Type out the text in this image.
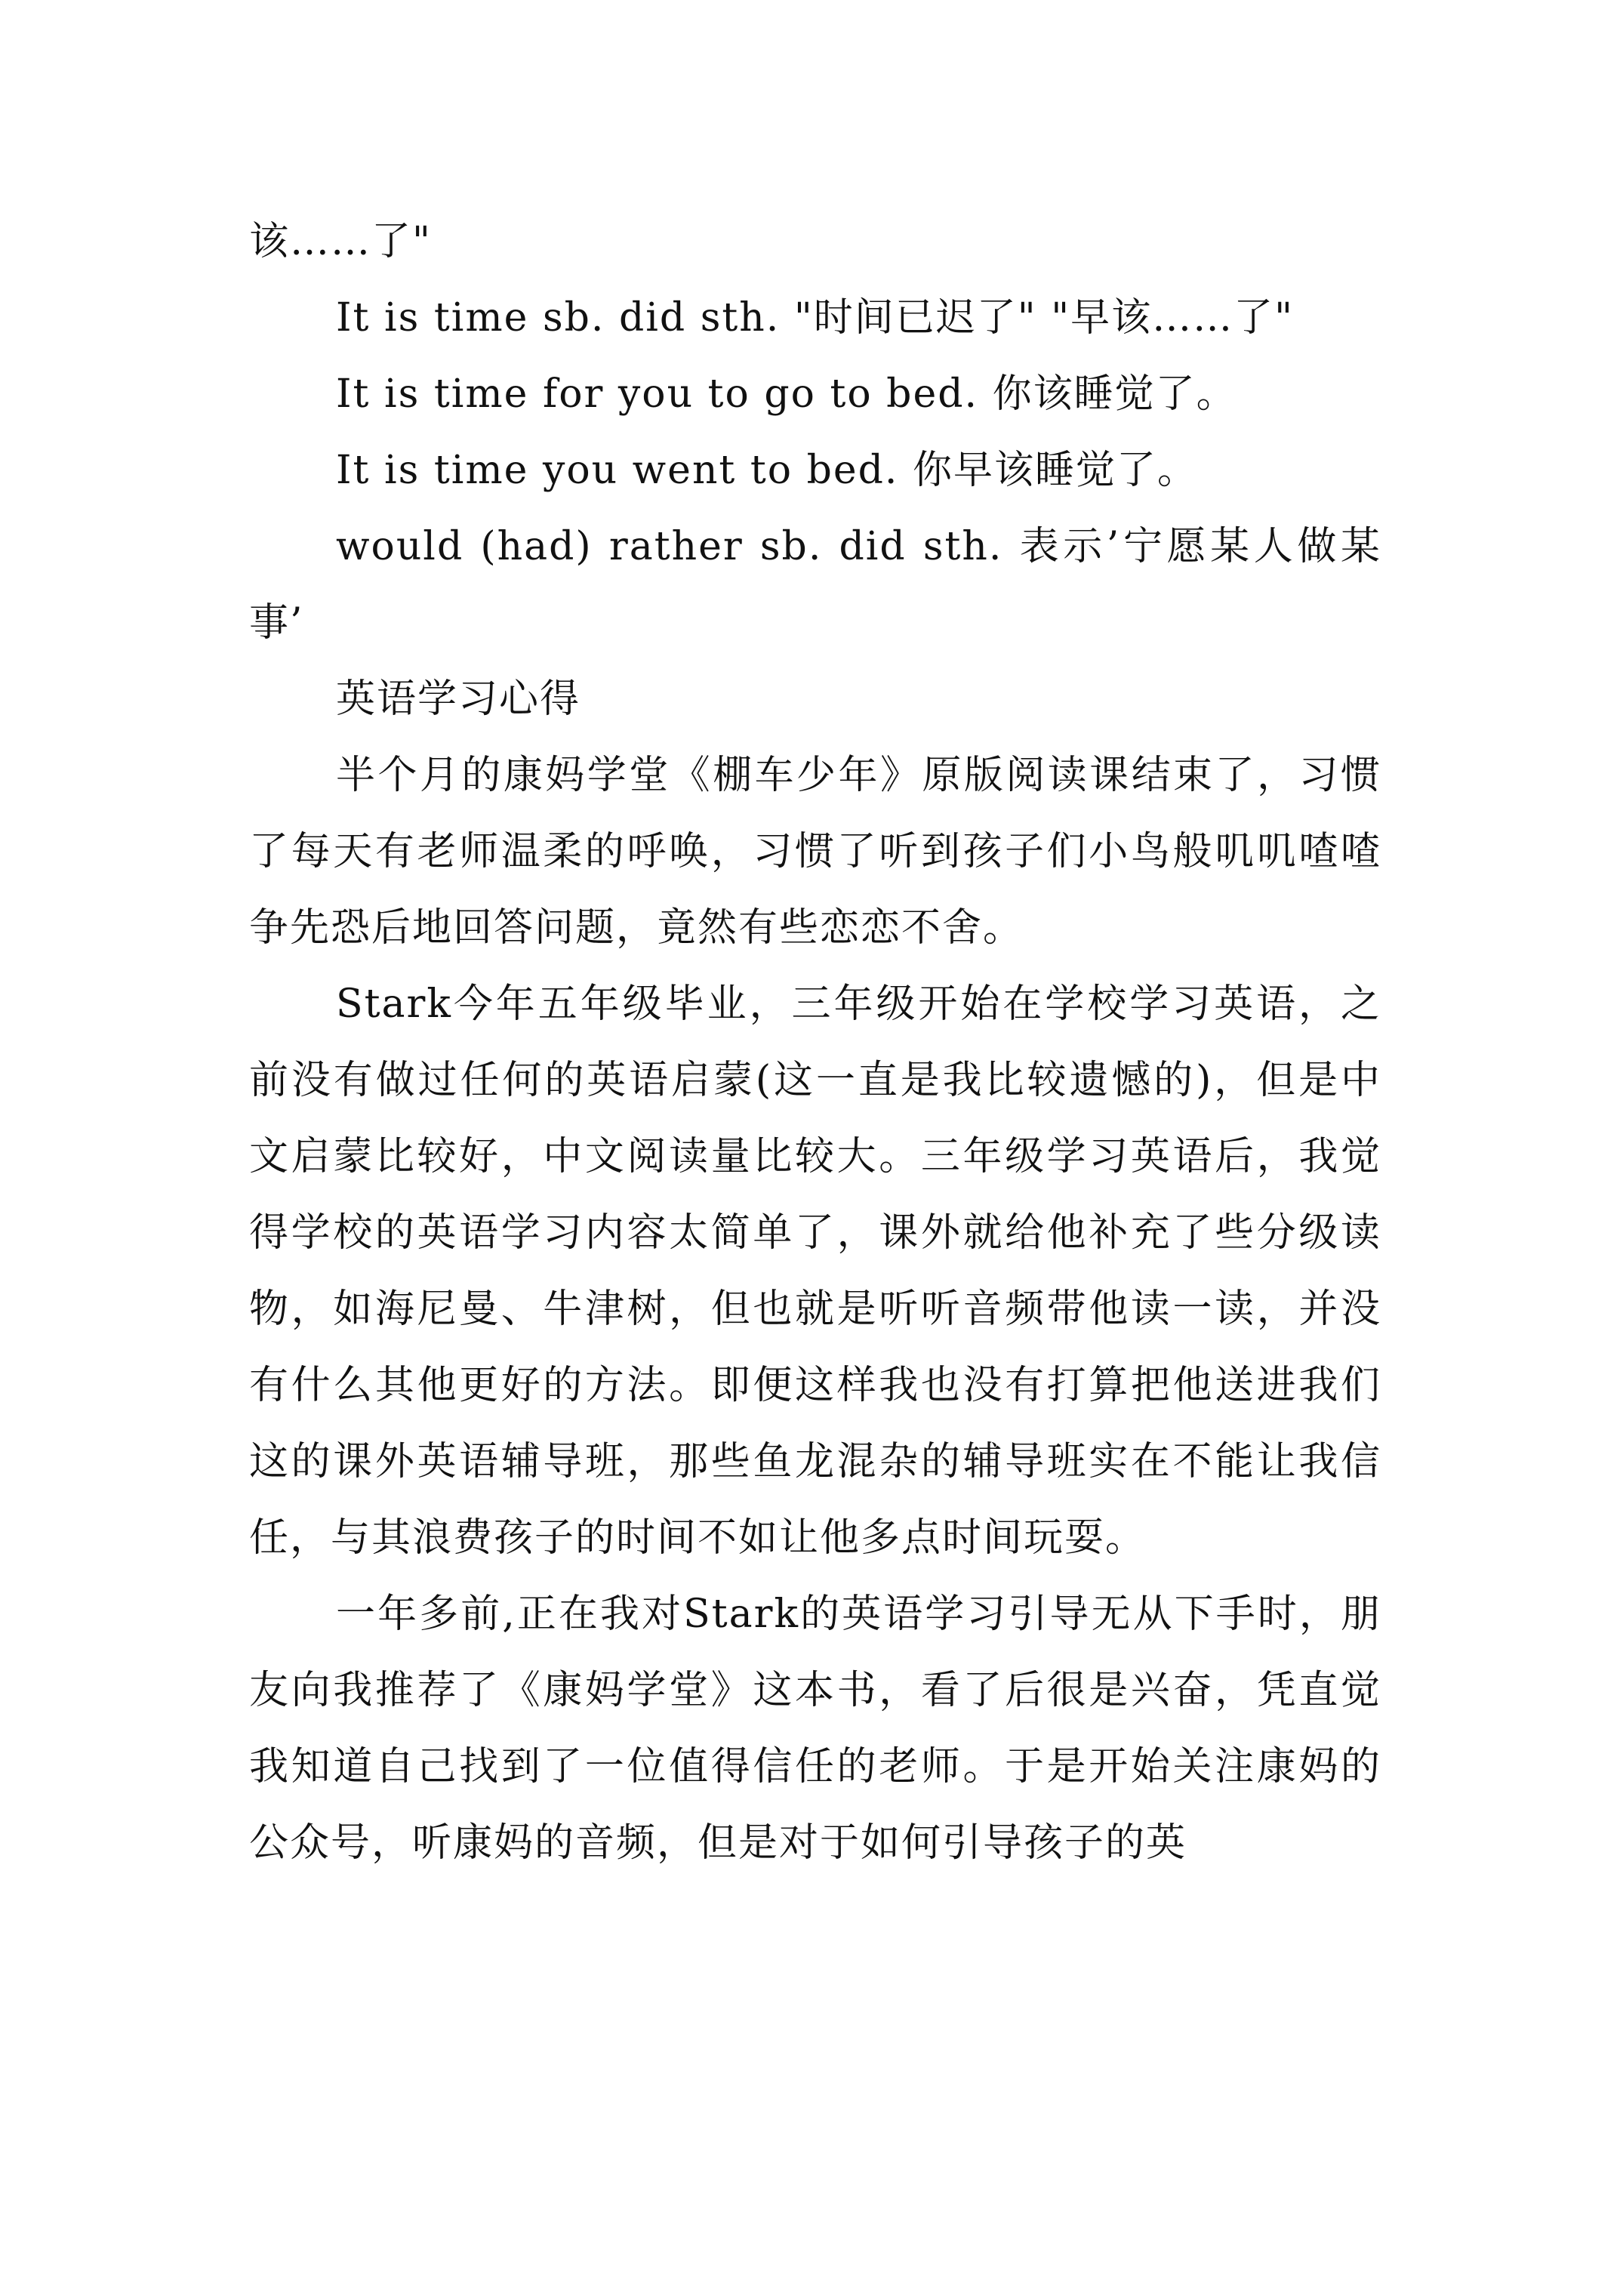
该……了"

It is time sb. did sth. "时间已迟了" "早该……了"

It is time for you to go to bed. 你该睡觉了。

It is time you went to bed. 你早该睡觉了。

would (had) rather sb. did sth. 表示’宁愿某人做某事’

英语学习心得

半个月的康妈学堂《棚车少年》原版阅读课结束了，习惯了每天有老师温柔的呼唤，习惯了听到孩子们小鸟般叽叽喳喳争先恐后地回答问题，竟然有些恋恋不舍。

Stark今年五年级毕业，三年级开始在学校学习英语，之前没有做过任何的英语启蒙(这一直是我比较遗憾的)，但是中文启蒙比较好，中文阅读量比较大。三年级学习英语后，我觉得学校的英语学习内容太简单了，课外就给他补充了些分级读物，如海尼曼、牛津树，但也就是听听音频带他读一读，并没有什么其他更好的方法。即便这样我也没有打算把他送进我们这的课外英语辅导班，那些鱼龙混杂的辅导班实在不能让我信任，与其浪费孩子的时间不如让他多点时间玩耍。

一年多前,正在我对Stark的英语学习引导无从下手时，朋友向我推荐了《康妈学堂》这本书，看了后很是兴奋，凭直觉我知道自己找到了一位值得信任的老师。于是开始关注康妈的公众号，听康妈的音频，但是对于如何引导孩子的英
